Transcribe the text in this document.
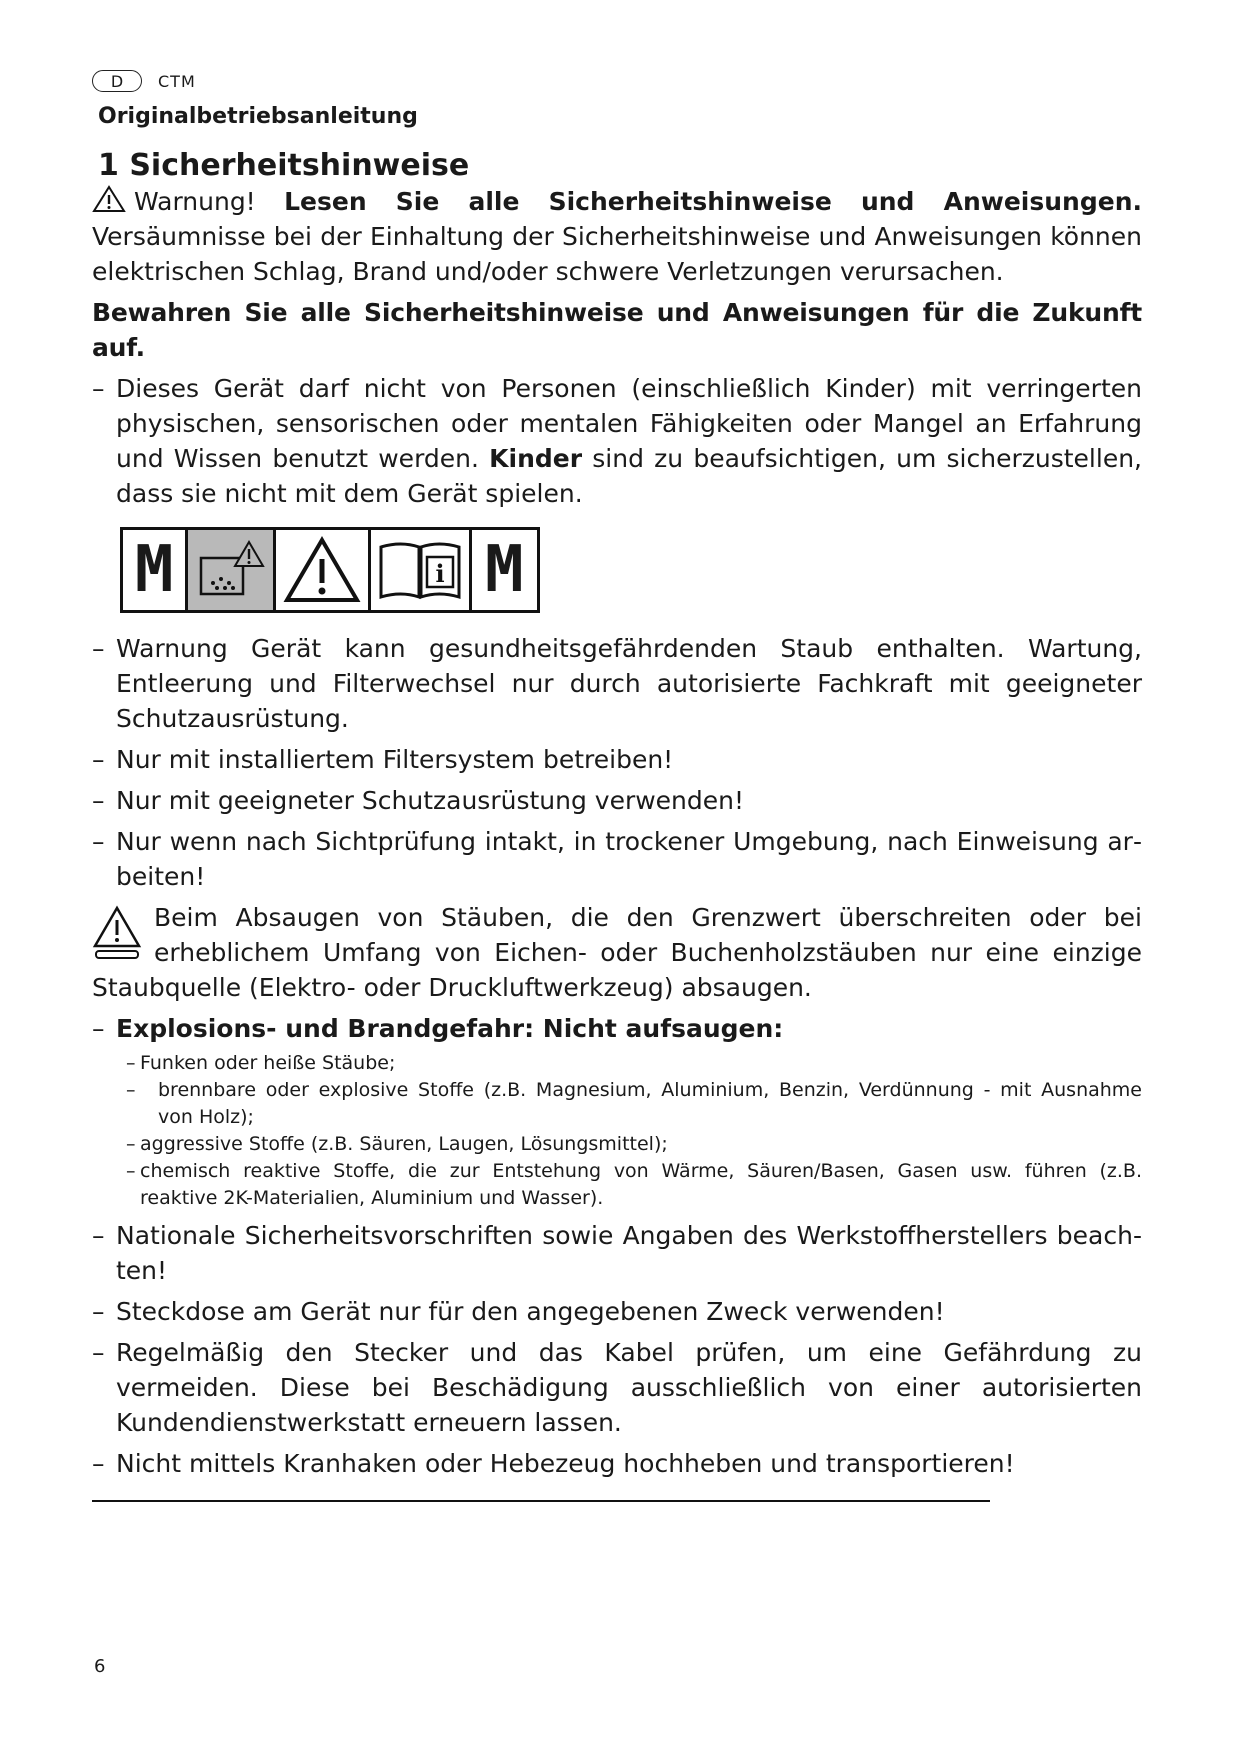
D	CTM
Originalbetriebsanleitung
1 Sicherheitshinweise

Warnung! Lesen Sie alle Sicherheitshinweise und Anweisungen. Versäumnisse bei der Einhaltung der Sicherheitshinweise und Anweisungen können elektrischen Schlag, Brand und/oder schwere Verletzungen verursachen.

Bewahren Sie alle Sicherheitshinweise und Anweisungen für die Zukunft auf.

– Dieses Gerät darf nicht von Personen (einschließlich Kinder) mit verringerten physischen, sensorischen oder mentalen Fähigkeiten oder Mangel an Erfahrung und Wissen benutzt werden. Kinder sind zu beaufsichtigen, um sicherzustellen, dass sie nicht mit dem Gerät spielen.
M	i M
– Warnung Gerät kann gesundheitsgefährdenden Staub enthalten. Wartung, Entleerung und Filterwechsel nur durch autorisierte Fachkraft mit geeigneter Schutzausrüstung.
– Nur mit installiertem Filtersystem betreiben!
– Nur mit geeigneter Schutzausrüstung verwenden!
– Nur wenn nach Sichtprüfung intakt, in trockener Umgebung, nach Einweisung arbeiten!
Beim Absaugen von Stäuben, die den Grenzwert überschreiten oder bei erheblichem Umfang von Eichen- oder Buchenholzstäuben nur eine einzige Staubquelle (Elektro- oder Druckluftwerkzeug) absaugen.
– Explosions- und Brandgefahr: Nicht aufsaugen:
– Funken oder heiße Stäube;
– brennbare oder explosive Stoffe (z.B. Magnesium, Aluminium, Benzin, Verdünnung - mit Ausnahme von Holz);
– aggressive Stoffe (z.B. Säuren, Laugen, Lösungsmittel);
– chemisch reaktive Stoffe, die zur Entstehung von Wärme, Säuren/Basen, Gasen usw. führen (z.B. reaktive 2K-Materialien, Aluminium und Wasser).
– Nationale Sicherheitsvorschriften sowie Angaben des Werkstoffherstellers beachten!
– Steckdose am Gerät nur für den angegebenen Zweck verwenden!
– Regelmäßig den Stecker und das Kabel prüfen, um eine Gefährdung zu vermeiden. Diese bei Beschädigung ausschließlich von einer autorisierten Kundendienstwerkstatt erneuern lassen.
– Nicht mittels Kranhaken oder Hebezeug hochheben und transportieren!
6
